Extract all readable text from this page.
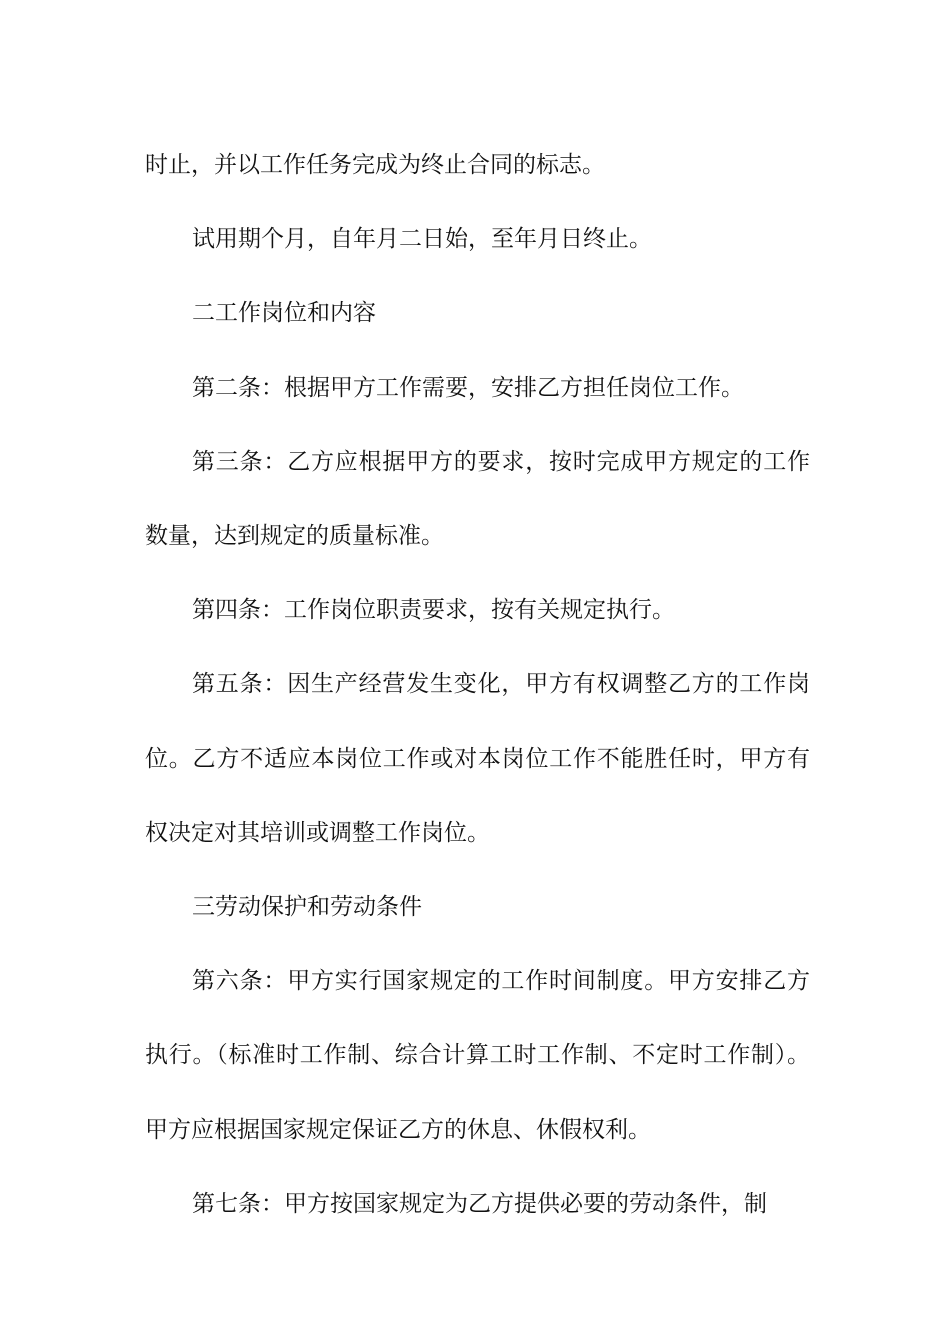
时止，并以工作任务完成为终止合同的标志。

试用期个月，自年月二日始，至年月日终止。

二工作岗位和内容

第二条：根据甲方工作需要，安排乙方担任岗位工作。

第三条：乙方应根据甲方的要求，按时完成甲方规定的工作数量，达到规定的质量标准。

第四条：工作岗位职责要求，按有关规定执行。

第五条：因生产经营发生变化，甲方有权调整乙方的工作岗位。乙方不适应本岗位工作或对本岗位工作不能胜任时，甲方有权决定对其培训或调整工作岗位。

三劳动保护和劳动条件

第六条：甲方实行国家规定的工作时间制度。甲方安排乙方执行。（标准时工作制、综合计算工时工作制、不定时工作制）。甲方应根据国家规定保证乙方的休息、休假权利。

第七条：甲方按国家规定为乙方提供必要的劳动条件，制
